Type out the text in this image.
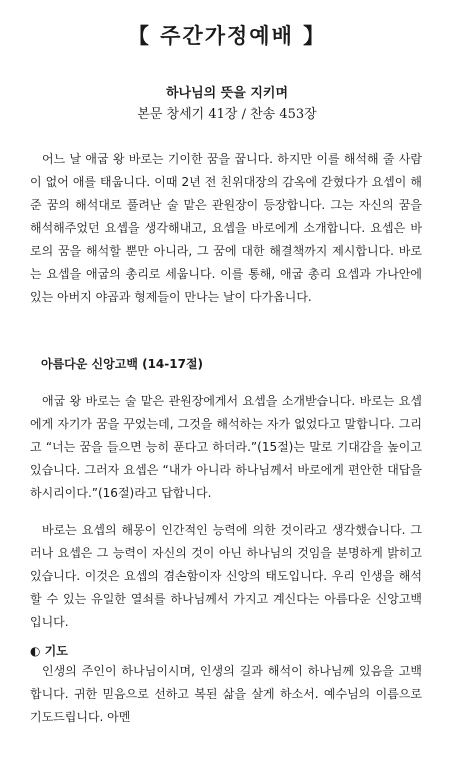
【 주간가정예배 】
하나님의 뜻을 지키며
본문 창세기 41장 / 찬송 453장

어느 날 애굽 왕 바로는 기이한 꿈을 꿉니다. 하지만 이를 해석해 줄 사람이 없어 애를 태웁니다. 이때 2년 전 친위대장의 감옥에 갇혔다가 요셉이 해준 꿈의 해석대로 풀려난 술 맡은 관원장이 등장합니다. 그는 자신의 꿈을 해석해주었던 요셉을 생각해내고, 요셉을 바로에게 소개합니다. 요셉은 바로의 꿈을 해석할 뿐만 아니라, 그 꿈에 대한 해결책까지 제시합니다. 바로는 요셉을 애굽의 총리로 세웁니다. 이를 통해, 애굽 총리 요셉과 가나안에 있는 아버지 야곱과 형제들이 만나는 날이 다가옵니다.

아름다운 신앙고백 (14-17절)

애굽 왕 바로는 술 맡은 관원장에게서 요셉을 소개받습니다. 바로는 요셉에게 자기가 꿈을 꾸었는데, 그것을 해석하는 자가 없었다고 말합니다. 그리고 “너는 꿈을 들으면 능히 푼다고 하더라.”(15절)는 말로 기대감을 높이고 있습니다. 그러자 요셉은 “내가 아니라 하나님께서 바로에게 편안한 대답을 하시리이다.”(16절)라고 답합니다.

바로는 요셉의 해몽이 인간적인 능력에 의한 것이라고 생각했습니다. 그러나 요셉은 그 능력이 자신의 것이 아닌 하나님의 것임을 분명하게 밝히고 있습니다. 이것은 요셉의 겸손함이자 신앙의 태도입니다. 우리 인생을 해석할 수 있는 유일한 열쇠를 하나님께서 가지고 계신다는 아름다운 신앙고백입니다.

◐ 기도

인생의 주인이 하나님이시며, 인생의 길과 해석이 하나님께 있음을 고백합니다. 귀한 믿음으로 선하고 복된 삶을 살게 하소서. 예수님의 이름으로 기도드립니다. 아멘
